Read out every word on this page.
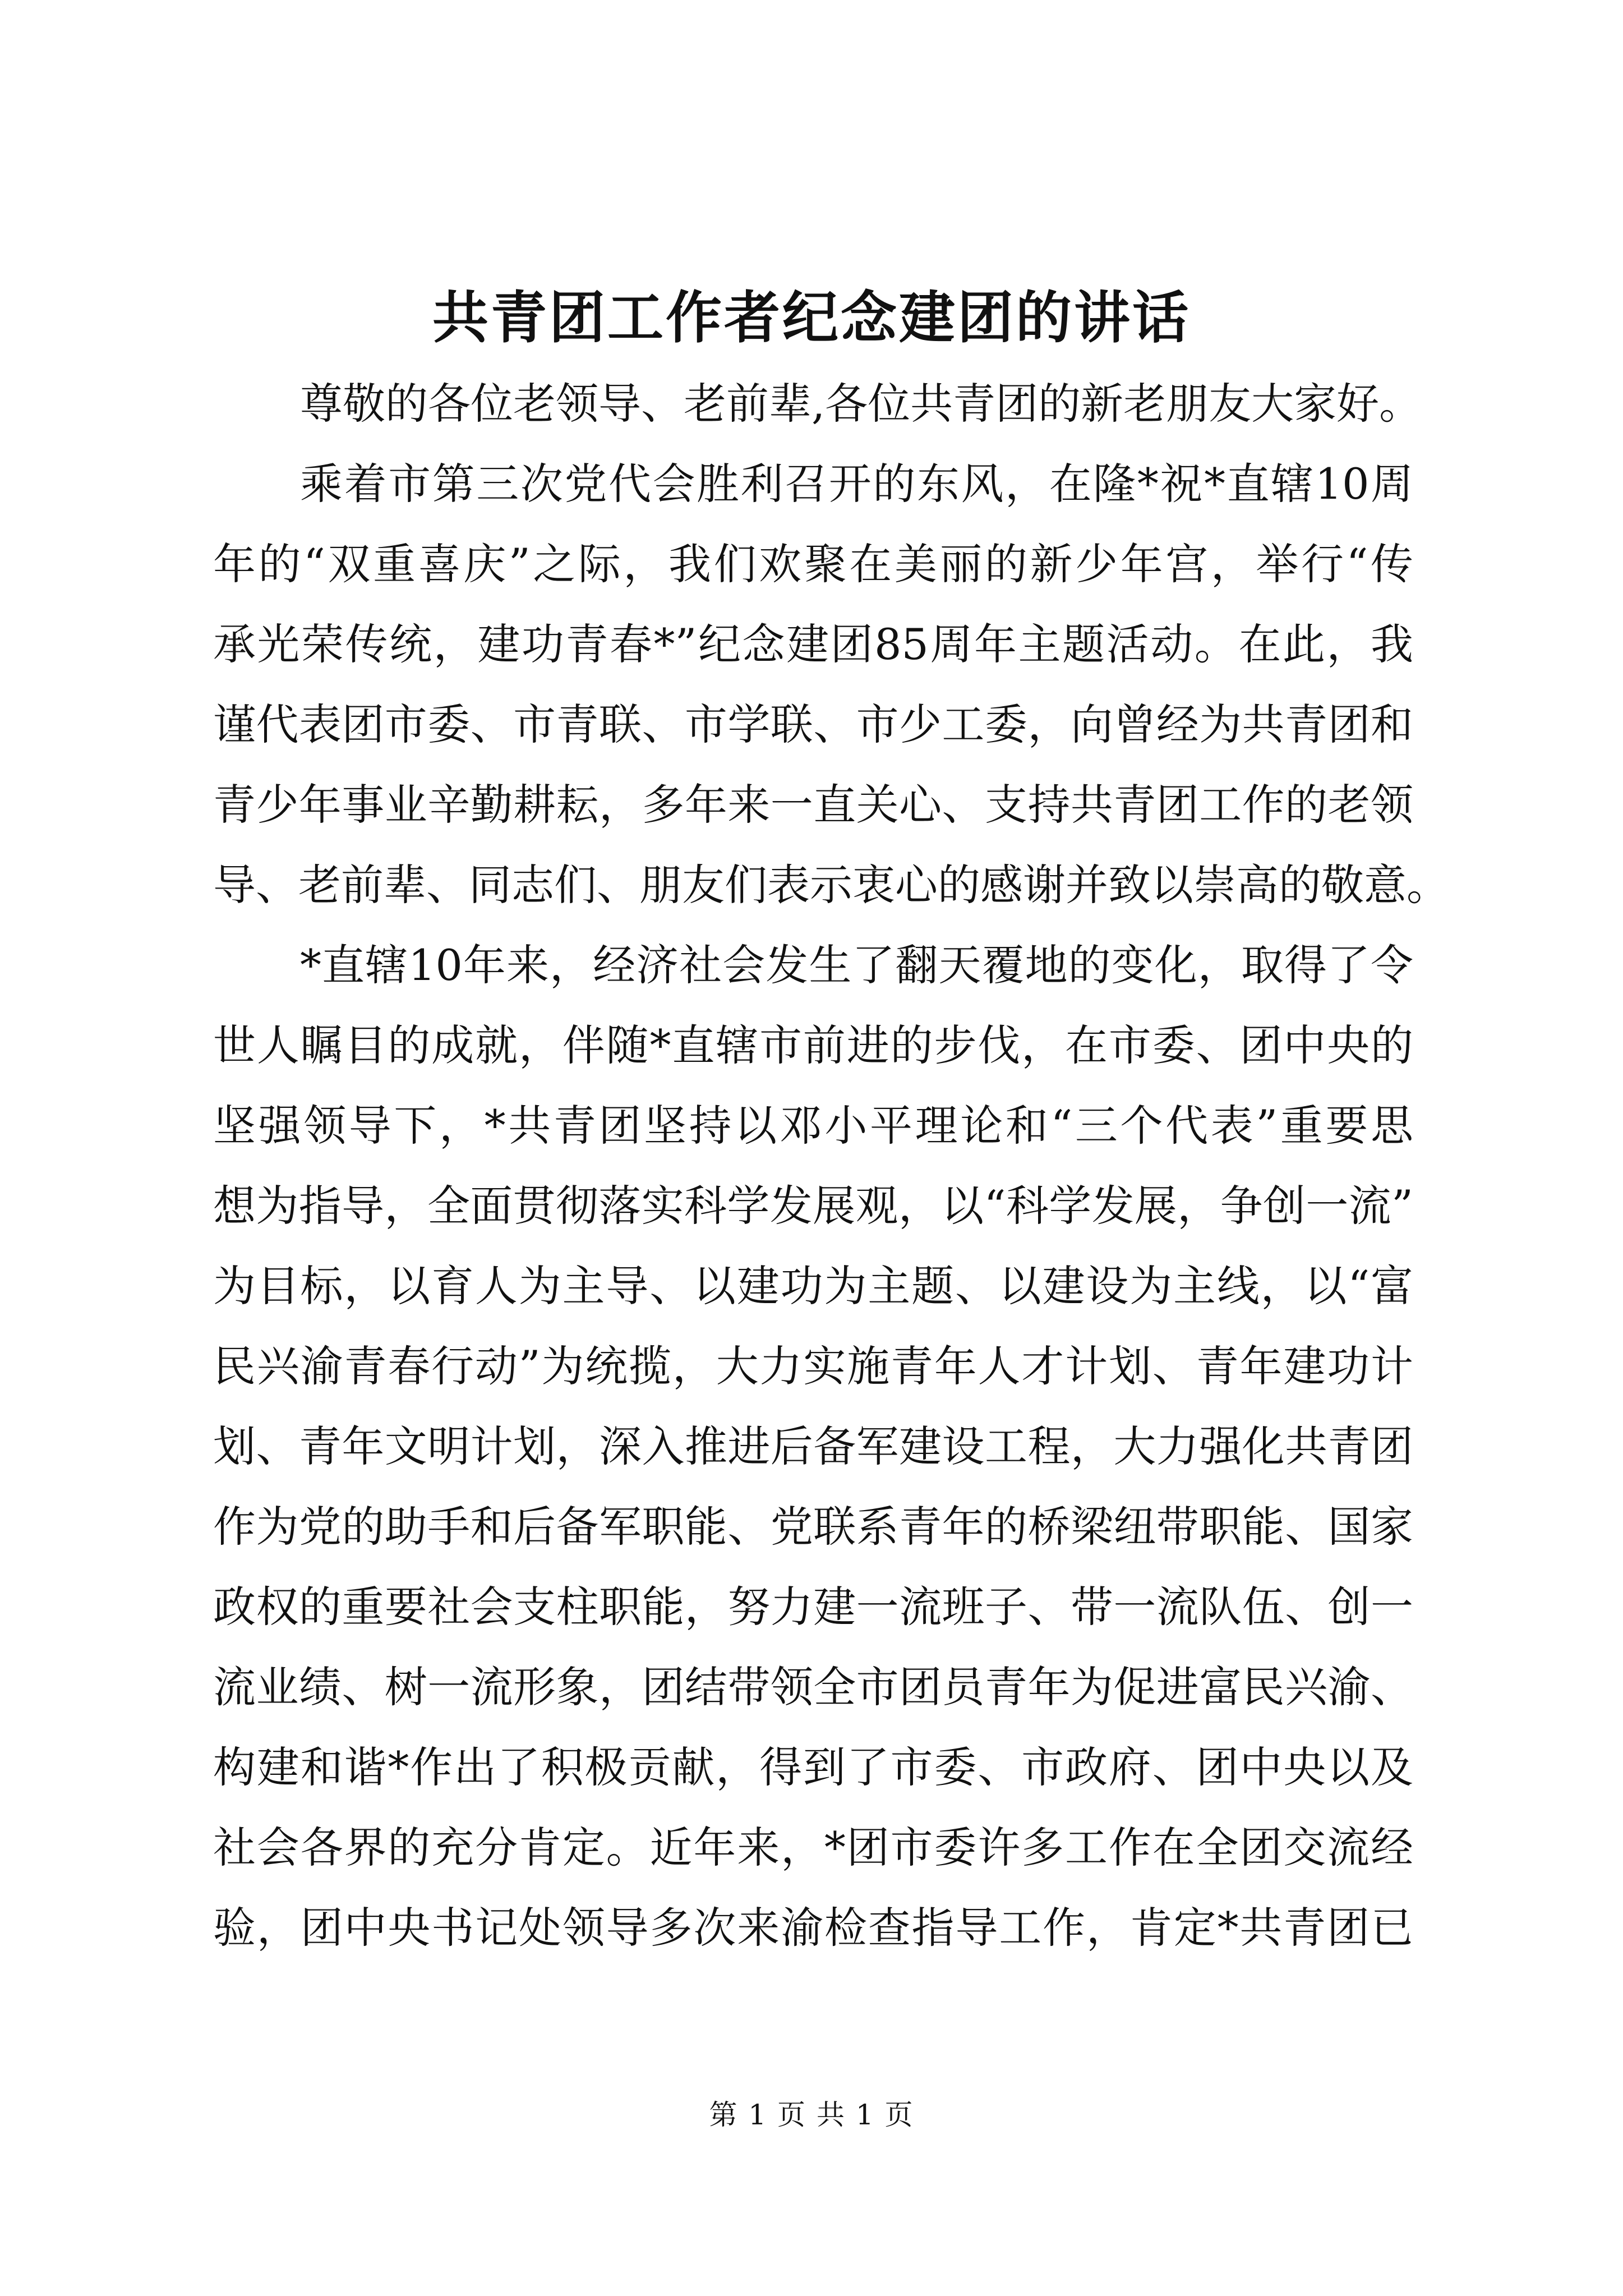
共青团工作者纪念建团的讲话
尊敬的各位老领导、老前辈,各位共青团的新老朋友大家好。
乘着市第三次党代会胜利召开的东风，在隆*祝*直辖10周
年的“双重喜庆”之际，我们欢聚在美丽的新少年宫，举行“传
承光荣传统，建功青春*”纪念建团85周年主题活动。在此，我
谨代表团市委、市青联、市学联、市少工委，向曾经为共青团和
青少年事业辛勤耕耘，多年来一直关心、支持共青团工作的老领
导、老前辈、同志们、朋友们表示衷心的感谢并致以崇高的敬意。
*直辖10年来，经济社会发生了翻天覆地的变化，取得了令
世人瞩目的成就，伴随*直辖市前进的步伐，在市委、团中央的
坚强领导下，*共青团坚持以邓小平理论和“三个代表”重要思
想为指导，全面贯彻落实科学发展观，以“科学发展，争创一流”
为目标，以育人为主导、以建功为主题、以建设为主线，以“富
民兴渝青春行动”为统揽，大力实施青年人才计划、青年建功计
划、青年文明计划，深入推进后备军建设工程，大力强化共青团
作为党的助手和后备军职能、党联系青年的桥梁纽带职能、国家
政权的重要社会支柱职能，努力建一流班子、带一流队伍、创一
流业绩、树一流形象，团结带领全市团员青年为促进富民兴渝、
构建和谐*作出了积极贡献，得到了市委、市政府、团中央以及
社会各界的充分肯定。近年来，*团市委许多工作在全团交流经
验，团中央书记处领导多次来渝检查指导工作，肯定*共青团已
第 1 页 共 1 页
